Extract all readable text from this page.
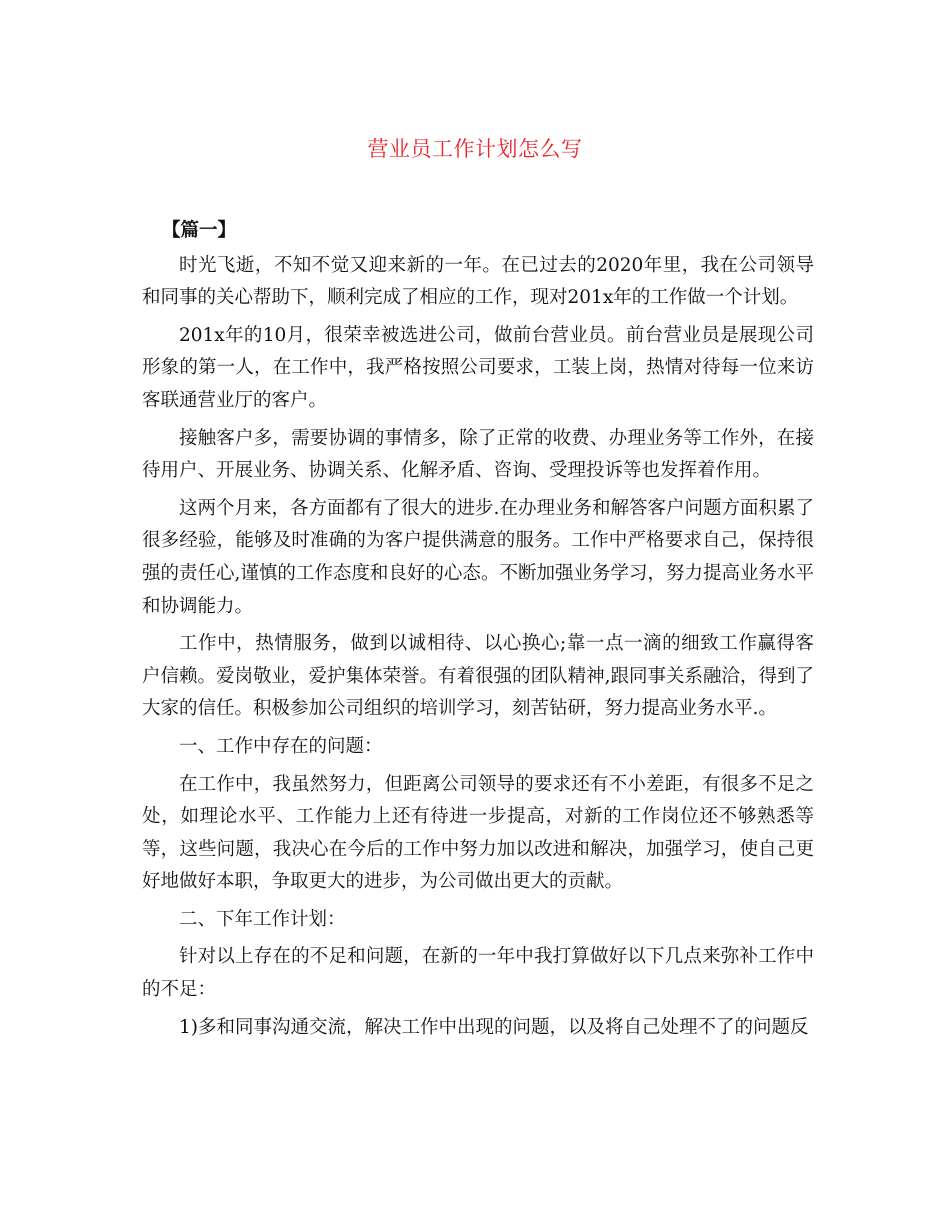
营业员工作计划怎么写

【篇一】

时光飞逝，不知不觉又迎来新的一年。在已过去的2020年里，我在公司领导和同事的关心帮助下，顺利完成了相应的工作，现对201x年的工作做一个计划。

201x年的10月，很荣幸被选进公司，做前台营业员。前台营业员是展现公司形象的第一人，在工作中，我严格按照公司要求，工装上岗，热情对待每一位来访客联通营业厅的客户。

接触客户多，需要协调的事情多，除了正常的收费、办理业务等工作外，在接待用户、开展业务、协调关系、化解矛盾、咨询、受理投诉等也发挥着作用。

这两个月来，各方面都有了很大的进步.在办理业务和解答客户问题方面积累了很多经验，能够及时准确的为客户提供满意的服务。工作中严格要求自己，保持很强的责任心,谨慎的工作态度和良好的心态。不断加强业务学习，努力提高业务水平和协调能力。

工作中，热情服务，做到以诚相待、以心换心;靠一点一滴的细致工作赢得客户信赖。爱岗敬业，爱护集体荣誉。有着很强的团队精神,跟同事关系融洽，得到了大家的信任。积极参加公司组织的培训学习，刻苦钻研，努力提高业务水平.。

一、工作中存在的问题：

在工作中，我虽然努力，但距离公司领导的要求还有不小差距，有很多不足之处，如理论水平、工作能力上还有待进一步提高，对新的工作岗位还不够熟悉等等，这些问题，我决心在今后的工作中努力加以改进和解决，加强学习，使自己更好地做好本职，争取更大的进步，为公司做出更大的贡献。

二、下年工作计划：

针对以上存在的不足和问题，在新的一年中我打算做好以下几点来弥补工作中的不足：

1)多和同事沟通交流，解决工作中出现的问题，以及将自己处理不了的问题反
